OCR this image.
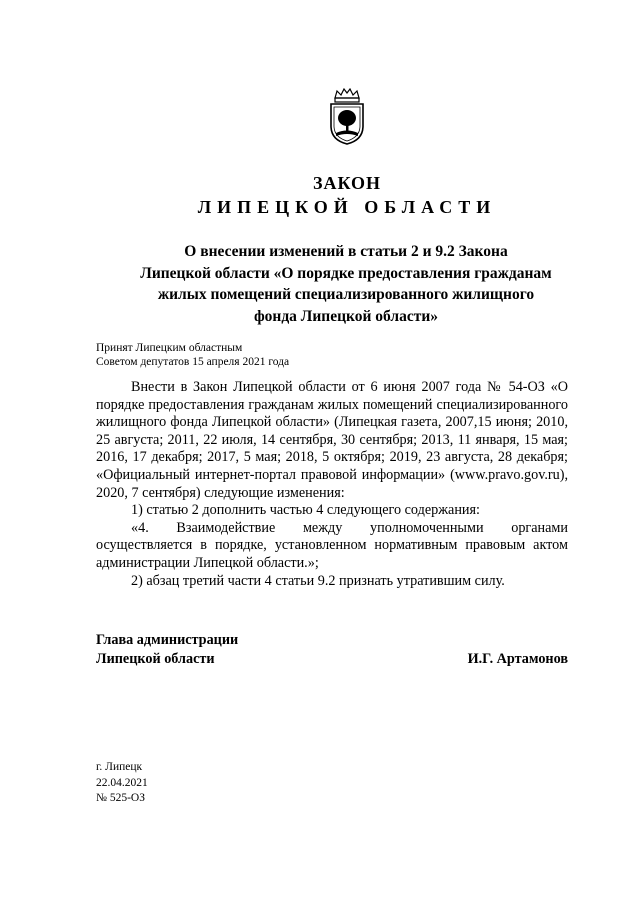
ЗАКОН
ЛИПЕЦКОЙ ОБЛАСТИ
О внесении изменений в статьи 2 и 9.2 Закона
Липецкой области «О порядке предоставления гражданам
жилых помещений специализированного жилищного
фонда Липецкой области»
Принят Липецким областным
Советом депутатов 15 апреля 2021 года

Внести в Закон Липецкой области от 6 июня 2007 года № 54-ОЗ «О порядке предоставления гражданам жилых помещений специализированного жилищного фонда Липецкой области» (Липецкая газета, 2007,15 июня; 2010, 25 августа; 2011, 22 июля, 14 сентября, 30 сентября; 2013, 11 января, 15 мая; 2016, 17 декабря; 2017, 5 мая; 2018, 5 октября; 2019, 23 августа, 28 декабря; «Официальный интернет-портал правовой информации» (www.pravo.gov.ru), 2020, 7 сентября) следующие изменения:

1) статью 2 дополнить частью 4 следующего содержания:

«4. Взаимодействие между уполномоченными органами осуществляется в порядке, установленном нормативным правовым актом администрации Липецкой области.»;

2) абзац третий части 4 статьи 9.2 признать утратившим силу.

Глава администрации
Липецкой области	И.Г. Артамонов
г. Липецк
22.04.2021
№ 525-ОЗ
